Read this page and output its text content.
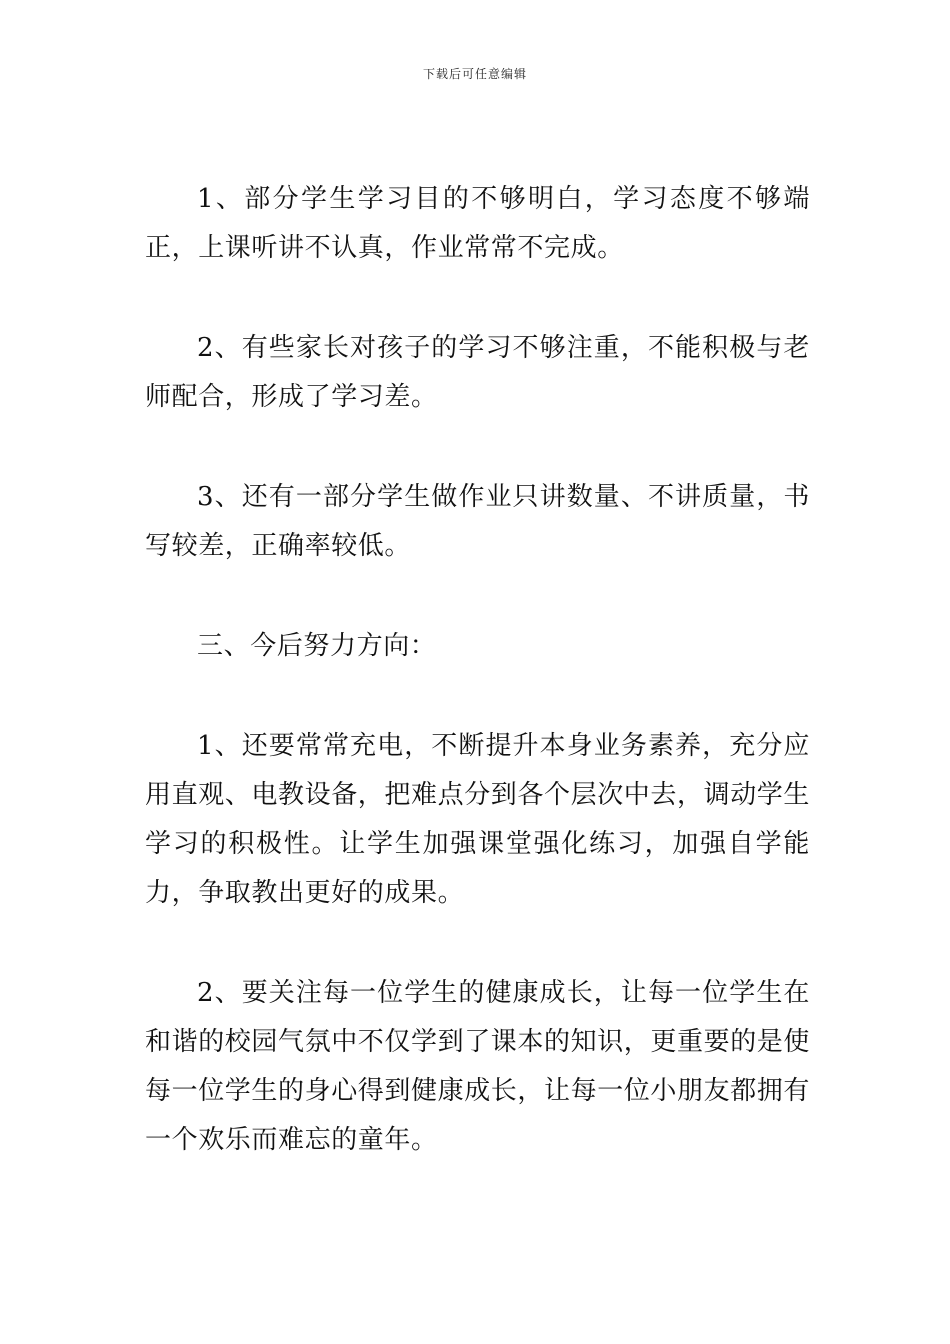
下载后可任意编辑

1、部分学生学习目的不够明白，学习态度不够端正，上课听讲不认真，作业常常不完成。

2、有些家长对孩子的学习不够注重，不能积极与老师配合，形成了学习差。

3、还有一部分学生做作业只讲数量、不讲质量，书写较差，正确率较低。

三、今后努力方向：

1、还要常常充电，不断提升本身业务素养，充分应用直观、电教设备，把难点分到各个层次中去，调动学生学习的积极性。让学生加强课堂强化练习，加强自学能力，争取教出更好的成果。

2、要关注每一位学生的健康成长，让每一位学生在和谐的校园气氛中不仅学到了课本的知识，更重要的是使每一位学生的身心得到健康成长，让每一位小朋友都拥有一个欢乐而难忘的童年。
